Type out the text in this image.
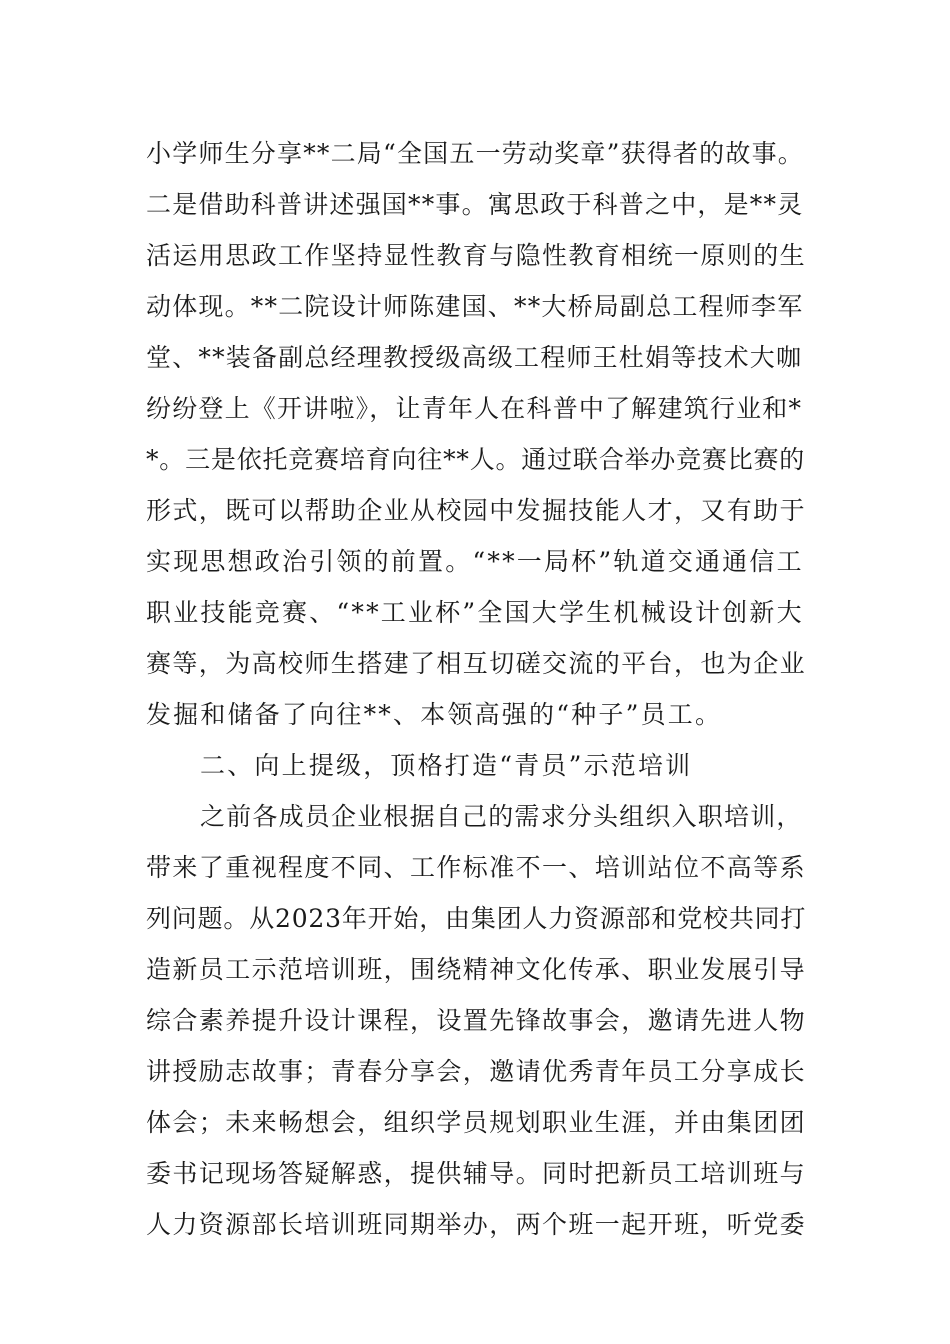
小学师生分享**二局“全国五一劳动奖章”获得者的故事。
二是借助科普讲述强国**事。寓思政于科普之中，是**灵
活运用思政工作坚持显性教育与隐性教育相统一原则的生
动体现。**二院设计师陈建国、**大桥局副总工程师李军
堂、**装备副总经理教授级高级工程师王杜娟等技术大咖
纷纷登上《开讲啦》，让青年人在科普中了解建筑行业和*
*。三是依托竞赛培育向往**人。通过联合举办竞赛比赛的
形式，既可以帮助企业从校园中发掘技能人才，又有助于
实现思想政治引领的前置。“**一局杯”轨道交通通信工
职业技能竞赛、“**工业杯”全国大学生机械设计创新大
赛等，为高校师生搭建了相互切磋交流的平台，也为企业
发掘和储备了向往**、本领高强的“种子”员工。
二、向上提级，顶格打造“青员”示范培训
之前各成员企业根据自己的需求分头组织入职培训，
带来了重视程度不同、工作标准不一、培训站位不高等系
列问题。从2023年开始，由集团人力资源部和党校共同打
造新员工示范培训班，围绕精神文化传承、职业发展引导
综合素养提升设计课程，设置先锋故事会，邀请先进人物
讲授励志故事；青春分享会，邀请优秀青年员工分享成长
体会；未来畅想会，组织学员规划职业生涯，并由集团团
委书记现场答疑解惑，提供辅导。同时把新员工培训班与
人力资源部长培训班同期举办，两个班一起开班，听党委
